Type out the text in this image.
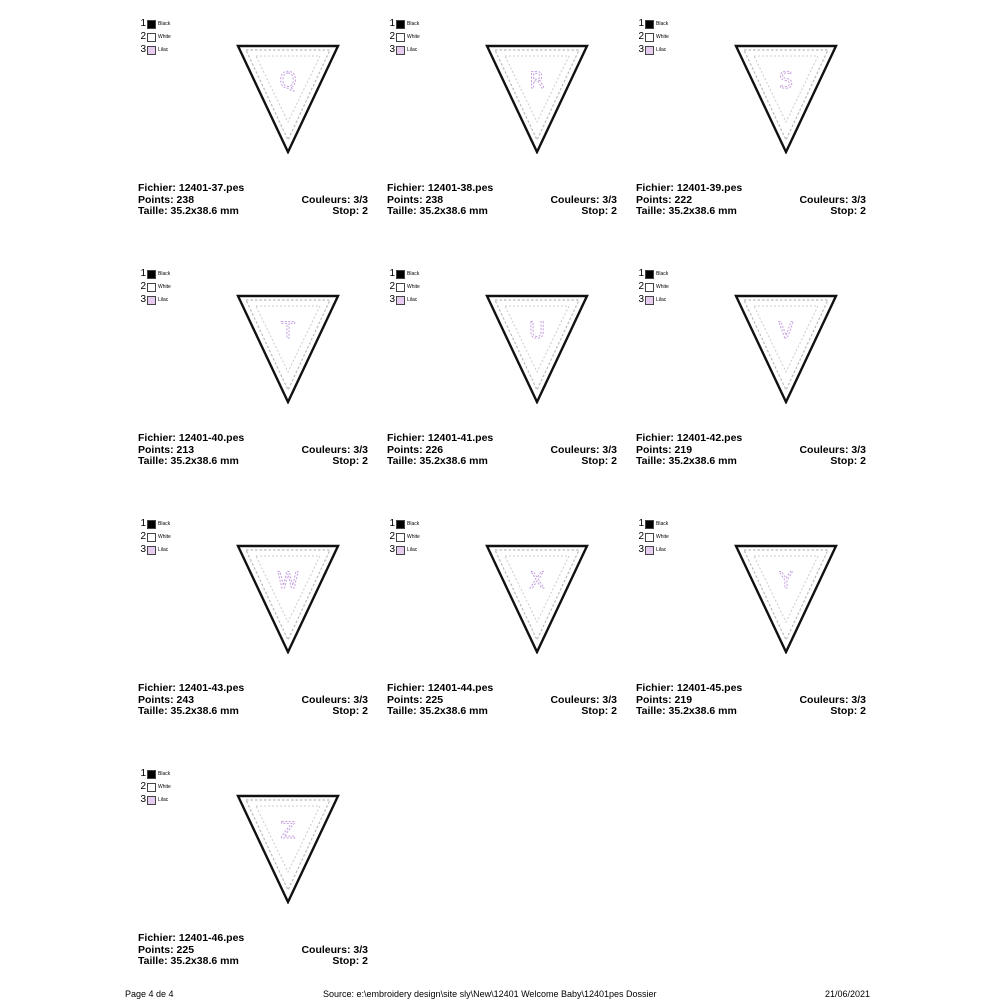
1 Black
2 White
3 Lilac
Q
Fichier: 12401-37.pes
Points: 238	Couleurs: 3/3
Taille: 35.2x38.6 mm	Stop: 2
1 Black
2 White
3 Lilac
R
Fichier: 12401-38.pes
Points: 238	Couleurs: 3/3
Taille: 35.2x38.6 mm	Stop: 2
1 Black
2 White
3 Lilac
S
Fichier: 12401-39.pes
Points: 222	Couleurs: 3/3
Taille: 35.2x38.6 mm	Stop: 2
1 Black
2 White
3 Lilac
T
Fichier: 12401-40.pes
Points: 213	Couleurs: 3/3
Taille: 35.2x38.6 mm	Stop: 2
1 Black
2 White
3 Lilac
U
Fichier: 12401-41.pes
Points: 226	Couleurs: 3/3
Taille: 35.2x38.6 mm	Stop: 2
1 Black
2 White
3 Lilac
V
Fichier: 12401-42.pes
Points: 219	Couleurs: 3/3
Taille: 35.2x38.6 mm	Stop: 2
1 Black
2 White
3 Lilac
W
Fichier: 12401-43.pes
Points: 243	Couleurs: 3/3
Taille: 35.2x38.6 mm	Stop: 2
1 Black
2 White
3 Lilac
X
Fichier: 12401-44.pes
Points: 225	Couleurs: 3/3
Taille: 35.2x38.6 mm	Stop: 2
1 Black
2 White
3 Lilac
Y
Fichier: 12401-45.pes
Points: 219	Couleurs: 3/3
Taille: 35.2x38.6 mm	Stop: 2
1 Black
2 White
3 Lilac
Z
Fichier: 12401-46.pes
Points: 225	Couleurs: 3/3
Taille: 35.2x38.6 mm	Stop: 2
Page 4 de 4	Source: e:\embroidery design\site sly\New\12401 Welcome Baby\12401pes Dossier	21/06/2021
